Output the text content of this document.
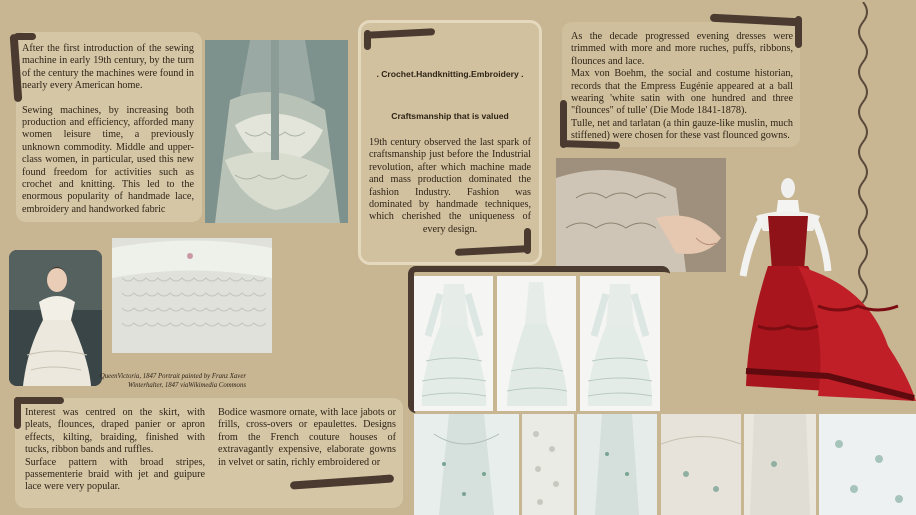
After the first introduction of the sewing machine in early 19th century, by the turn of the century the machines were found in nearly every American home.
Sewing machines, by increasing both production and efficiency, afforded many women leisure time, a previously unknown commodity. Middle and upper-class women, in particular, used this new found freedom for activities such as crochet and knitting. This led to the enormous popularity of handmade lace, embroidery and handworked fabric
. Crochet.Handknitting.Embroidery .
Craftsmanship that is valued
19th century observed the last spark of craftsmanship just before the Industrial revolution, after which machine made and mass production dominated the fashion Industry. Fashion was dominated by handmade techniques, which cherished the uniqueness of every design.
As the decade progressed evening dresses were trimmed with more and more ruches, puffs, ribbons, flounces and lace.
Max von Boehm, the social and costume historian, records that the Empress Eugénie appeared at a ball wearing 'white satin with one hundred and three "flounces" of tulle' (Die Mode 1841-1878).
Tulle, net and tarlatan (a thin gauze-like muslin, much stiffened) were chosen for these vast flounced gowns.
QueenVictoria, 1847 Portrait painted by Franz Xaver
Winterhalter, 1847 viaWikimedia Commons
Interest was centred on the skirt, with pleats, flounces, draped panier or apron effects, kilting, braiding, finished with tucks, ribbon bands and ruffles.
Surface pattern with broad stripes, passementerie braid with jet and guipure lace were very popular.
Bodice wasmore ornate, with lace jabots or frills, cross-overs or epaulettes. Designs from the French couture houses of extravagantly expensive, elaborate gowns in velvet or satin, richly embroidered or
